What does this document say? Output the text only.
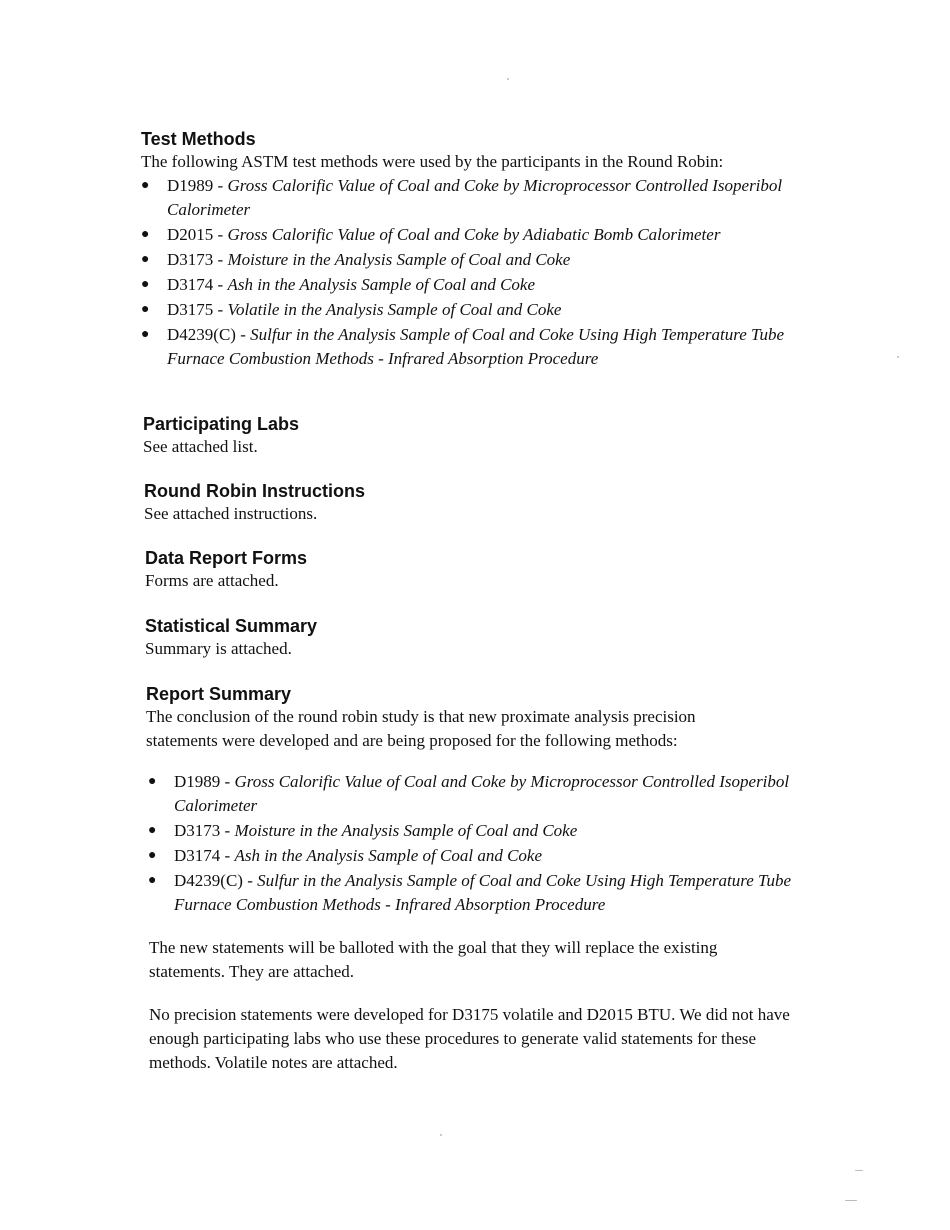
Test Methods

The following ASTM test methods were used by the participants in the Round Robin:

● D1989 - Gross Calorific Value of Coal and Coke by Microprocessor Controlled Isoperibol Calorimeter
● D2015 - Gross Calorific Value of Coal and Coke by Adiabatic Bomb Calorimeter
● D3173 - Moisture in the Analysis Sample of Coal and Coke
● D3174 - Ash in the Analysis Sample of Coal and Coke
● D3175 - Volatile in the Analysis Sample of Coal and Coke
● D4239(C) - Sulfur in the Analysis Sample of Coal and Coke Using High Temperature Tube Furnace Combustion Methods - Infrared Absorption Procedure
Participating Labs

See attached list.

Round Robin Instructions

See attached instructions.

Data Report Forms

Forms are attached.

Statistical Summary

Summary is attached.

Report Summary

The conclusion of the round robin study is that new proximate analysis precision statements were developed and are being proposed for the following methods:

● D1989 - Gross Calorific Value of Coal and Coke by Microprocessor Controlled Isoperibol Calorimeter
● D3173 - Moisture in the Analysis Sample of Coal and Coke
● D3174 - Ash in the Analysis Sample of Coal and Coke
● D4239(C) - Sulfur in the Analysis Sample of Coal and Coke Using High Temperature Tube Furnace Combustion Methods - Infrared Absorption Procedure

The new statements will be balloted with the goal that they will replace the existing statements. They are attached.

No precision statements were developed for D3175 volatile and D2015 BTU. We did not have enough participating labs who use these procedures to generate valid statements for these methods. Volatile notes are attached.
